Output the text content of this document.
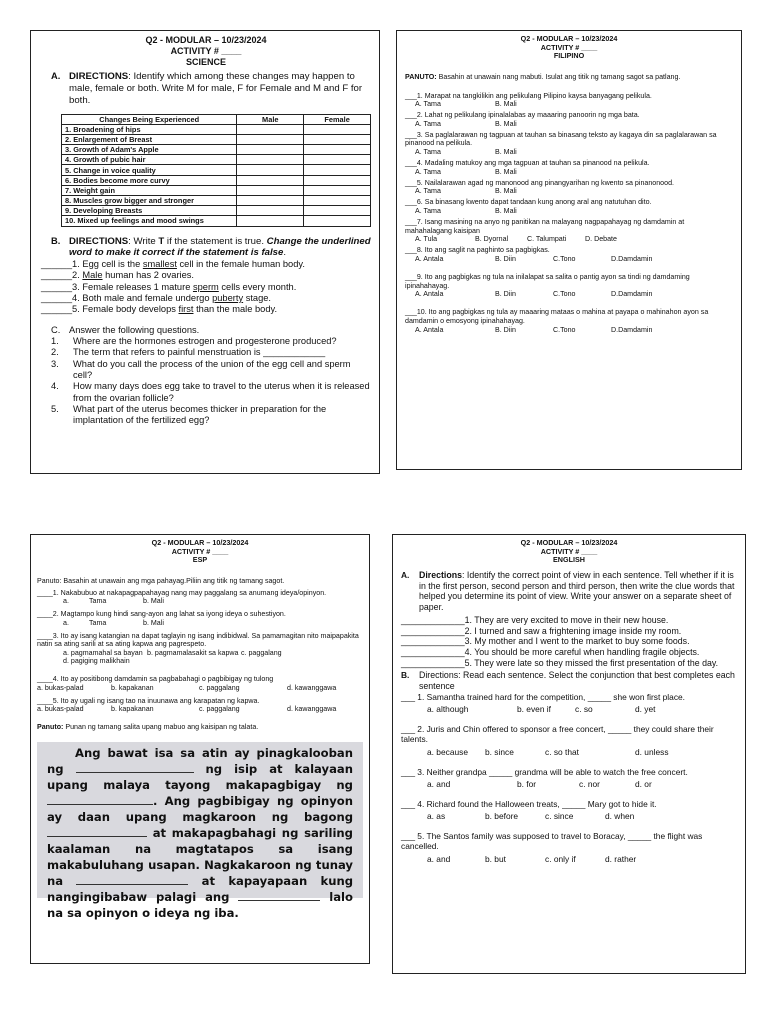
Q2 - MODULAR – 10/23/2024
ACTIVITY # ____
SCIENCE
A. DIRECTIONS: Identify which among these changes may happen to male, female or both. Write M for male, F for Female and M and F for both.

Changes Being Experienced	Male	Female
1. Broadening of hips		
2. Enlargement of Breast		
3. Growth of Adam's Apple		
4. Growth of pubic hair		
5. Change in voice quality		
6. Bodies become more curvy		
7. Weight gain		
8. Muscles grow bigger and stronger		
9. Developing Breasts		
10. Mixed up feelings and mood swings		
B. DIRECTIONS: Write T if the statement is true. Change the underlined word to make it correct if the statement is false.

______1. Egg cell is the smallest cell in the female human body.
______2. Male human has 2 ovaries.
______3. Female releases 1 mature sperm cells every month.
______4. Both male and female undergo puberty stage.
______5. Female body develops first than the male body.
C. Answer the following questions.

1.	Where are the hormones estrogen and progesterone produced?
2.	The term that refers to painful menstruation is ____________
3.	What do you call the process of the union of the egg cell and sperm cell?
4.	How many days does egg take to travel to the uterus when it is released from the ovarian follicle?
5.	What part of the uterus becomes thicker in preparation for the implantation of the fertilized egg?
Q2 - MODULAR – 10/23/2024
ACTIVITY # ____
FILIPINO

PANUTO: Basahin at unawain nang mabuti. Isulat ang titik ng tamang sagot sa patlang.

___1. Marapat na tangkilikin ang pelikulang Pilipino kaysa banyagang pelikula.

A. Tama	B. Mali

___2. Lahat ng pelikulang ipinalalabas ay maaaring panoorin ng mga bata.

A. Tama	B. Mali

___3. Sa paglalarawan ng tagpuan at tauhan sa binasang teksto ay kagaya din sa paglalarawan sa pinanood na pelikula.

A. Tama	B. Mali

___4. Madaling matukoy ang mga tagpuan at tauhan sa pinanood na pelikula.

A. Tama	B. Mali

___5. Nailalarawan agad ng manonood ang pinangyarihan ng kwento sa pinanonood.

A. Tama	B. Mali

___6. Sa binasang kwento dapat tandaan kung anong aral ang natutuhan dito.

A. Tama	B. Mali

___7. Isang masining na anyo ng panitikan na malayang nagpapahayag ng damdamin at mahahalagang kaisipan

A. Tula	B. Dyornal	C. Talumpati	D. Debate

___8. Ito ang saglit na paghinto sa pagbigkas.

A. Antala	B. Diin	C.Tono	D.Damdamin

___9. Ito ang pagbigkas ng tula na inilalapat sa salita o pantig ayon sa tindi ng damdaming ipinahahayag.

A. Antala	B. Diin	C.Tono	D.Damdamin

___10. Ito ang pagbigkas ng tula ay maaaring mataas o mahina at payapa o mahinahon ayon sa damdamin o emosyong ipinahahayag.

A. Antala	B. Diin	C.Tono	D.Damdamin
Q2 - MODULAR – 10/23/2024
ACTIVITY # ____
ESP

Panuto: Basahin at unawain ang mga pahayag.Piliin ang titik ng tamang sagot.

____1. Nakabubuo at nakapagpapahayag nang may paggalang sa anumang ideya/opinyon.

a.	Tama	b. Mali

____2. Magtampo kung hindi sang-ayon ang lahat sa iyong ideya o suhestiyon.

a.	Tama	b. Mali

____3. Ito ay isang katangian na dapat taglayin ng isang indibidwal. Sa pamamagitan nito maipapakita natin sa ating sarili at sa ating kapwa ang pagrespeto.

a. pagmamahal sa bayan b. pagmamalasakit sa kapwa c. paggalang
d. pagiging malikhain

____4. Ito ay positibong damdamin sa pagbabahagi o pagbibigay ng tulong

a. bukas-palad	b. kapakanan	c. paggalang	d. kawanggawa

____5. Ito ay ugali ng isang tao na inuunawa ang karapatan ng kapwa.

a. bukas-palad	b. kapakanan	c. paggalang	d. kawanggawa

Panuto: Punan ng tamang salita upang mabuo ang kaisipan ng talata.

Ang bawat isa sa atin ay pinagkalooban ng	ng isip at kalayaan upang malaya tayong makapagbigay ng . Ang pagbibigay ng opinyon ay daan upang magkaroon ng bagong  at makapagbahagi ng sariling kaalaman na magtatapos sa isang makabuluhang usapan. Nagkakaroon ng tunay na	at kapayapaan kung nangingibabaw palagi ang	lalo na sa opinyon o ideya ng iba.
Q2 - MODULAR – 10/23/2024
ACTIVITY # ____
ENGLISH
A.	Directions: Identify the correct point of view in each sentence. Tell whether if it is in the first person, second person and third person, then write the clue words that helped you determine its point of view. Write your answer on a separate sheet of paper.

_____________1. They are very excited to move in their new house.
_____________2. I turned and saw a frightening image inside my room.
_____________3. My mother and I went to the market to buy some foods.
_____________4. You should be more careful when handling fragile objects.
_____________ 5. They were late so they missed the first presentation of the day.
B.	Directions: Read each sentence. Select the conjunction that best completes each sentence

___ 1. Samantha trained hard for the competition, _____ she won first place.

a. although	b. even if	c. so	d. yet

___ 2. Juris and Chin offered to sponsor a free concert, _____ they could share their talents.

a. because	b. since	c. so that	d. unless

___ 3. Neither grandpa _____ grandma will be able to watch the free concert.

a. and	b. for	c. nor	d. or

___ 4. Richard found the Halloween treats, _____ Mary got to hide it.

a. as	b. before	c. since	d. when

___ 5. The Santos family was supposed to travel to Boracay, _____ the flight was cancelled.

a. and	b. but	c. only if	d. rather
